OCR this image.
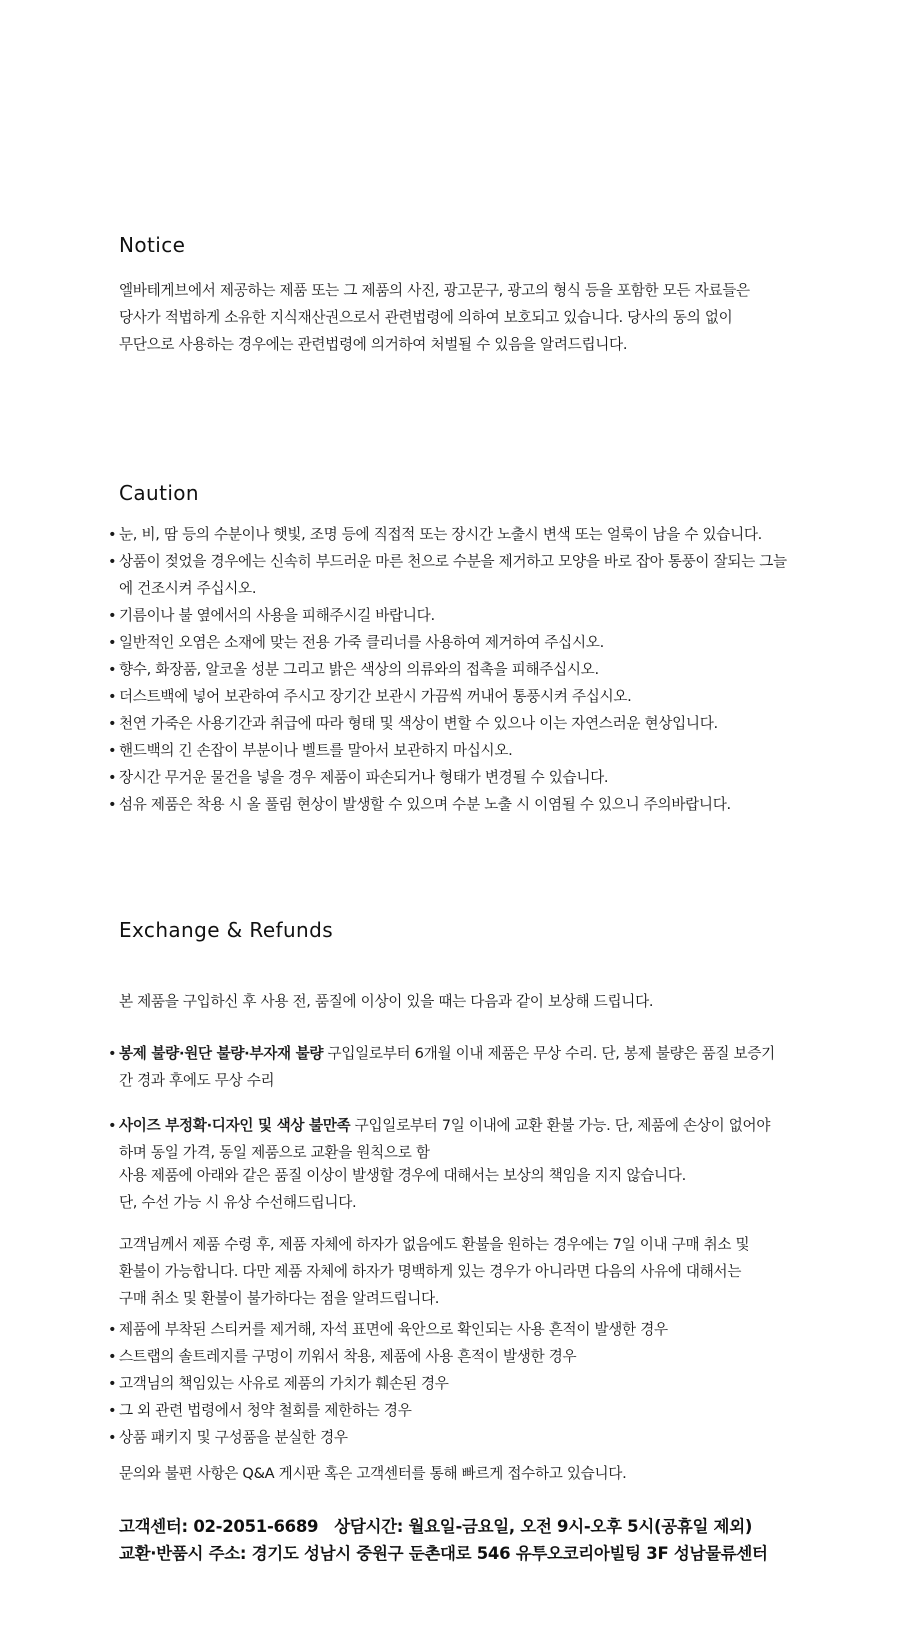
Notice

엘바테게브에서 제공하는 제품 또는 그 제품의 사진, 광고문구, 광고의 형식 등을 포함한 모든 자료들은

당사가 적법하게 소유한 지식재산권으로서 관련법령에 의하여 보호되고 있습니다. 당사의 동의 없이

무단으로 사용하는 경우에는 관련법령에 의거하여 처벌될 수 있음을 알려드립니다.

Caution
• 눈, 비, 땀 등의 수분이나 햇빛, 조명 등에 직접적 또는 장시간 노출시 변색 또는 얼룩이 남을 수 있습니다.
• 상품이 젖었을 경우에는 신속히 부드러운 마른 천으로 수분을 제거하고 모양을 바로 잡아 통풍이 잘되는 그늘에 건조시켜 주십시오.
• 기름이나 불 옆에서의 사용을 피해주시길 바랍니다.
• 일반적인 오염은 소재에 맞는 전용 가죽 클리너를 사용하여 제거하여 주십시오.
• 향수, 화장품, 알코올 성분 그리고 밝은 색상의 의류와의 접촉을 피해주십시오.
• 더스트백에 넣어 보관하여 주시고 장기간 보관시 가끔씩 꺼내어 통풍시켜 주십시오.
• 천연 가죽은 사용기간과 취급에 따라 형태 및 색상이 변할 수 있으나 이는 자연스러운 현상입니다.
• 핸드백의 긴 손잡이 부분이나 벨트를 말아서 보관하지 마십시오.
• 장시간 무거운 물건을 넣을 경우 제품이 파손되거나 형태가 변경될 수 있습니다.
• 섬유 제품은 착용 시 올 풀림 현상이 발생할 수 있으며 수분 노출 시 이염될 수 있으니 주의바랍니다.
Exchange & Refunds
본 제품을 구입하신 후 사용 전, 품질에 이상이 있을 때는 다음과 같이 보상해 드립니다.
• 봉제 불량·원단 불량·부자재 불량 구입일로부터 6개월 이내 제품은 무상 수리. 단, 봉제 불량은 품질 보증기간 경과 후에도 무상 수리
• 사이즈 부정확·디자인 및 색상 불만족 구입일로부터 7일 이내에 교환 환불 가능. 단, 제품에 손상이 없어야 하며 동일 가격, 동일 제품으로 교환을 원칙으로 함

사용 제품에 아래와 같은 품질 이상이 발생할 경우에 대해서는 보상의 책임을 지지 않습니다.

단, 수선 가능 시 유상 수선해드립니다.

고객님께서 제품 수령 후, 제품 자체에 하자가 없음에도 환불을 원하는 경우에는 7일 이내 구매 취소 및

환불이 가능합니다. 다만 제품 자체에 하자가 명백하게 있는 경우가 아니라면 다음의 사유에 대해서는

구매 취소 및 환불이 불가하다는 점을 알려드립니다.

• 제품에 부착된 스티커를 제거해, 자석 표면에 육안으로 확인되는 사용 흔적이 발생한 경우
• 스트랩의 솔트레지를 구멍이 끼워서 착용, 제품에 사용 흔적이 발생한 경우
• 고객님의 책임있는 사유로 제품의 가치가 훼손된 경우
• 그 외 관련 법령에서 청약 철회를 제한하는 경우
• 상품 패키지 및 구성품을 분실한 경우
문의와 불편 사항은 Q&A 게시판 혹은 고객센터를 통해 빠르게 접수하고 있습니다.
고객센터: 02-2051-6689 상담시간: 월요일-금요일, 오전 9시-오후 5시(공휴일 제외)
교환·반품시 주소: 경기도 성남시 중원구 둔촌대로 546 유투오코리아빌팅 3F 성남물류센터
